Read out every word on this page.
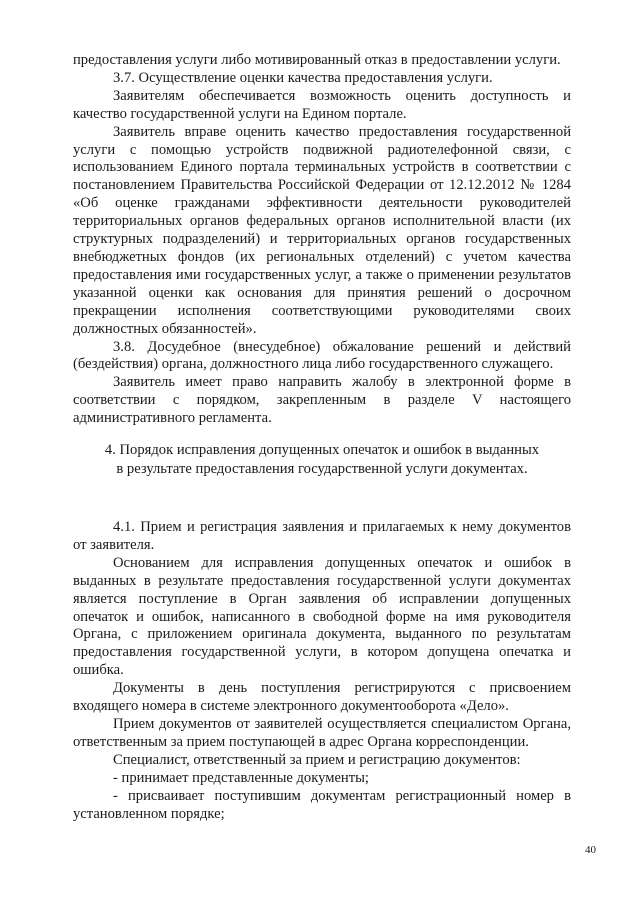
предоставления услуги либо мотивированный отказ в предоставлении услуги.

3.7. Осуществление оценки качества предоставления услуги.

Заявителям обеспечивается возможность оценить доступность и качество государственной услуги на Едином портале.

Заявитель вправе оценить качество предоставления государственной услуги с помощью устройств подвижной радиотелефонной связи, с использованием Единого портала терминальных устройств в соответствии с постановлением Правительства Российской Федерации от 12.12.2012 № 1284 «Об оценке гражданами эффективности деятельности руководителей территориальных органов федеральных органов исполнительной власти (их структурных подразделений) и территориальных органов государственных внебюджетных фондов (их региональных отделений) с учетом качества предоставления ими государственных услуг, а также о применении результатов указанной оценки как основания для принятия решений о досрочном прекращении исполнения соответствующими руководителями своих должностных обязанностей».

3.8. Досудебное (внесудебное) обжалование решений и действий (бездействия) органа, должностного лица либо государственного служащего.

Заявитель имеет право направить жалобу в электронной форме в соответствии с порядком, закрепленным в разделе V настоящего административного регламента.

4. Порядок исправления допущенных опечаток и ошибок в выданных
в результате предоставления государственной услуги документах.

4.1. Прием и регистрация заявления и прилагаемых к нему документов от заявителя.

Основанием для исправления допущенных опечаток и ошибок в выданных в результате предоставления государственной услуги документах является поступление в Орган заявления об исправлении допущенных опечаток и ошибок, написанного в свободной форме на имя руководителя Органа, с приложением оригинала документа, выданного по результатам предоставления государственной услуги, в котором допущена опечатка и ошибка.

Документы в день поступления регистрируются с присвоением входящего номера в системе электронного документооборота «Дело».

Прием документов от заявителей осуществляется специалистом Органа, ответственным за прием поступающей в адрес Органа корреспонденции.

Специалист, ответственный за прием и регистрацию документов:

- принимает представленные документы;

- присваивает поступившим документам регистрационный номер в установленном порядке;

40
